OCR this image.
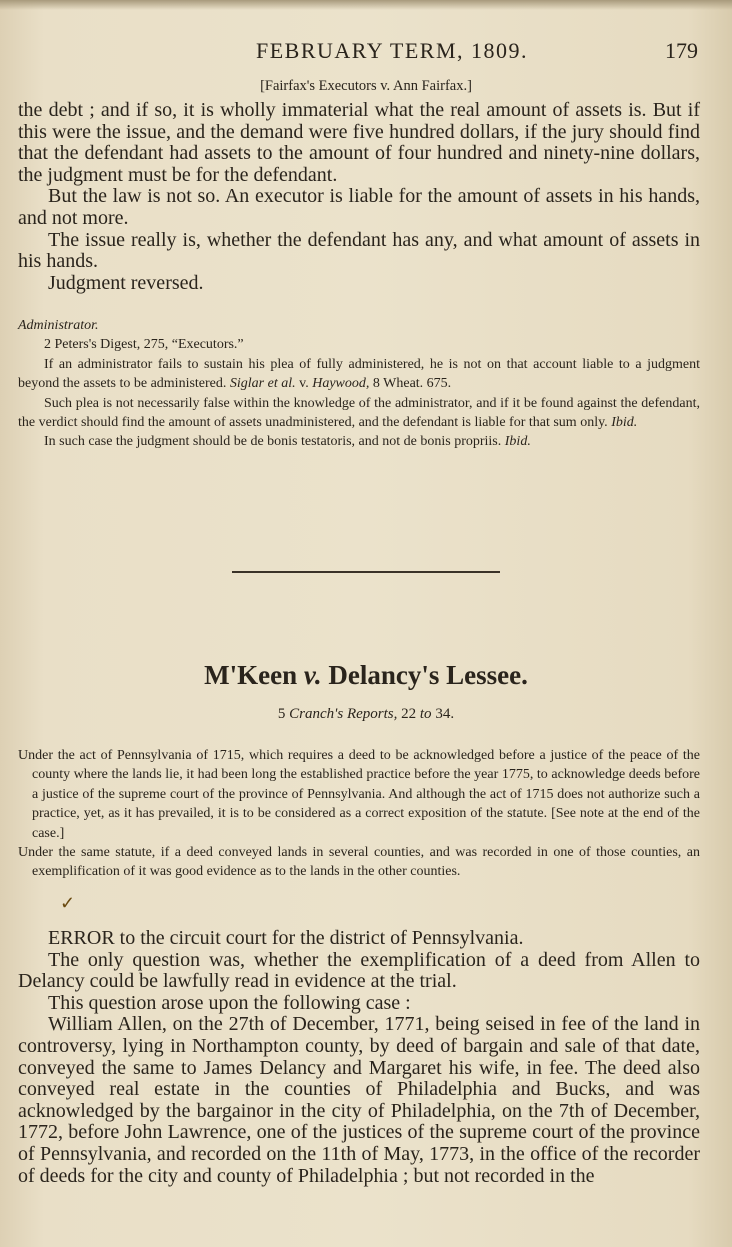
FEBRUARY TERM, 1809.	179
[Fairfax's Executors v. Ann Fairfax.]

the debt ; and if so, it is wholly immaterial what the real amount of assets is. But if this were the issue, and the demand were five hundred dollars, if the jury should find that the defendant had assets to the amount of four hundred and ninety-nine dollars, the judgment must be for the defendant.

But the law is not so. An executor is liable for the amount of assets in his hands, and not more.

The issue really is, whether the defendant has any, and what amount of assets in his hands.

Judgment reversed.

Administrator.

2 Peters's Digest, 275, “Executors.”

If an administrator fails to sustain his plea of fully administered, he is not on that account liable to a judgment beyond the assets to be administered. Siglar et al. v. Haywood, 8 Wheat. 675.

Such plea is not necessarily false within the knowledge of the administrator, and if it be found against the defendant, the verdict should find the amount of assets unadministered, and the defendant is liable for that sum only. Ibid.

In such case the judgment should be de bonis testatoris, and not de bonis propriis. Ibid.

M'Keen v. Delancy's Lessee.
5 Cranch's Reports, 22 to 34.

Under the act of Pennsylvania of 1715, which requires a deed to be acknowledged before a justice of the peace of the county where the lands lie, it had been long the established practice before the year 1775, to acknowledge deeds before a justice of the supreme court of the province of Pennsylvania. And although the act of 1715 does not authorize such a practice, yet, as it has prevailed, it is to be considered as a correct exposition of the statute. [See note at the end of the case.]

Under the same statute, if a deed conveyed lands in several counties, and was recorded in one of those counties, an exemplification of it was good evidence as to the lands in the other counties.

✓

ERROR to the circuit court for the district of Pennsylvania.

The only question was, whether the exemplification of a deed from Allen to Delancy could be lawfully read in evidence at the trial.

This question arose upon the following case :

William Allen, on the 27th of December, 1771, being seised in fee of the land in controversy, lying in Northampton county, by deed of bargain and sale of that date, conveyed the same to James Delancy and Margaret his wife, in fee. The deed also conveyed real estate in the counties of Philadelphia and Bucks, and was acknowledged by the bargainor in the city of Philadelphia, on the 7th of December, 1772, before John Lawrence, one of the justices of the supreme court of the province of Pennsylvania, and recorded on the 11th of May, 1773, in the office of the recorder of deeds for the city and county of Philadelphia ; but not recorded in the
